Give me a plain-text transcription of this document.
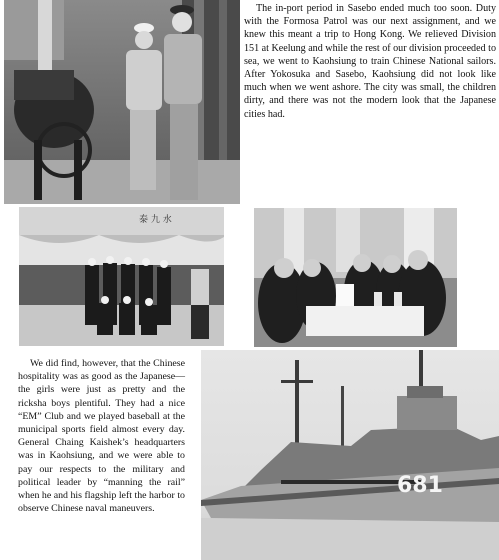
The in-port period in Sasebo ended much too soon. Duty with the Formosa Patrol was our next assignment, and we knew this meant a trip to Hong Kong. We relieved Division 151 at Keelung and while the rest of our division proceeded to sea, we went to Kaohsiung to train Chinese National sailors. After Yokosuka and Sasebo, Kaohsiung did not look like much when we went ashore. The city was small, the children dirty, and there was not the modern look that the Japanese cities had.

泰 九 水

We did find, however, that the Chinese hospitality was as good as the Japanese—the girls were just as pretty and the ricksha boys plentiful. They had a nice “EM” Club and we played baseball at the municipal sports field almost every day. General Chaing Kaishek’s headquarters was in Kaohsiung, and we were able to pay our respects to the military and political leader by “manning the rail” when he and his flagship left the harbor to observe Chinese naval maneuvers.

681
